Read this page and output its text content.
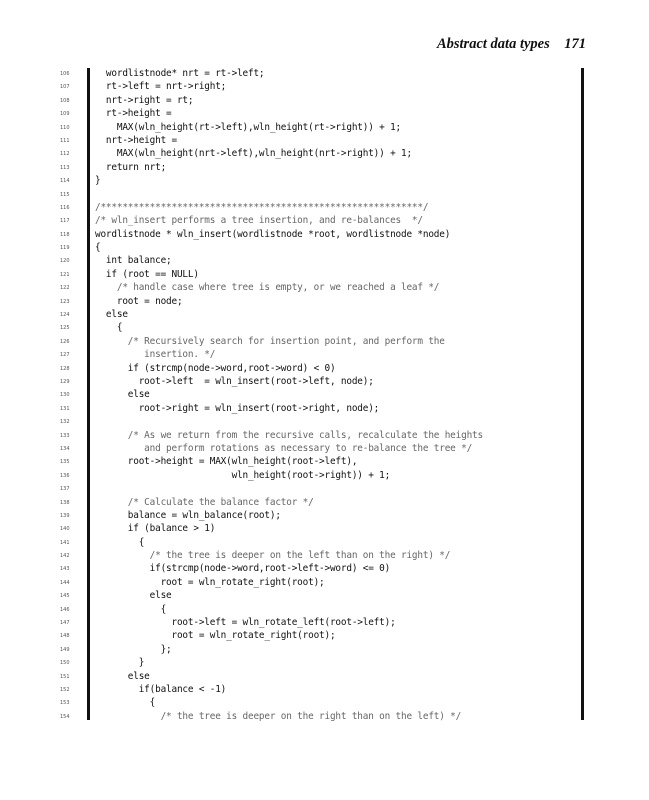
Abstract data types 171
106	wordlistnode* nrt = rt->left;
107	rt->left = nrt->right;
108	nrt->right = rt;
109	rt->height =
110	MAX(wln_height(rt->left),wln_height(rt->right)) + 1;
111	nrt->height =
112	MAX(wln_height(nrt->left),wln_height(nrt->right)) + 1;
113	return nrt;
114	}
115
116	/***********************************************************/
117	/* wln_insert performs a tree insertion, and re-balances  */
118	wordlistnode * wln_insert(wordlistnode *root, wordlistnode *node)
119	{
120	int balance;
121	if (root == NULL)
122	/* handle case where tree is empty, or we reached a leaf */
123	root = node;
124	else
125	{
126	/* Recursively search for insertion point, and perform the
127	insertion. */
128	if (strcmp(node->word,root->word) < 0)
129	root->left  = wln_insert(root->left, node);
130	else
131	root->right = wln_insert(root->right, node);
132
133	/* As we return from the recursive calls, recalculate the heights
134	and perform rotations as necessary to re-balance the tree */
135	root->height = MAX(wln_height(root->left),
136	wln_height(root->right)) + 1;
137
138	/* Calculate the balance factor */
139	balance = wln_balance(root);
140	if (balance > 1)
141	{
142	/* the tree is deeper on the left than on the right) */
143	if(strcmp(node->word,root->left->word) <= 0)
144	root = wln_rotate_right(root);
145	else
146	{
147	root->left = wln_rotate_left(root->left);
148	root = wln_rotate_right(root);
149	};
150	}
151	else
152	if(balance < -1)
153	{
154	/* the tree is deeper on the right than on the left) */
